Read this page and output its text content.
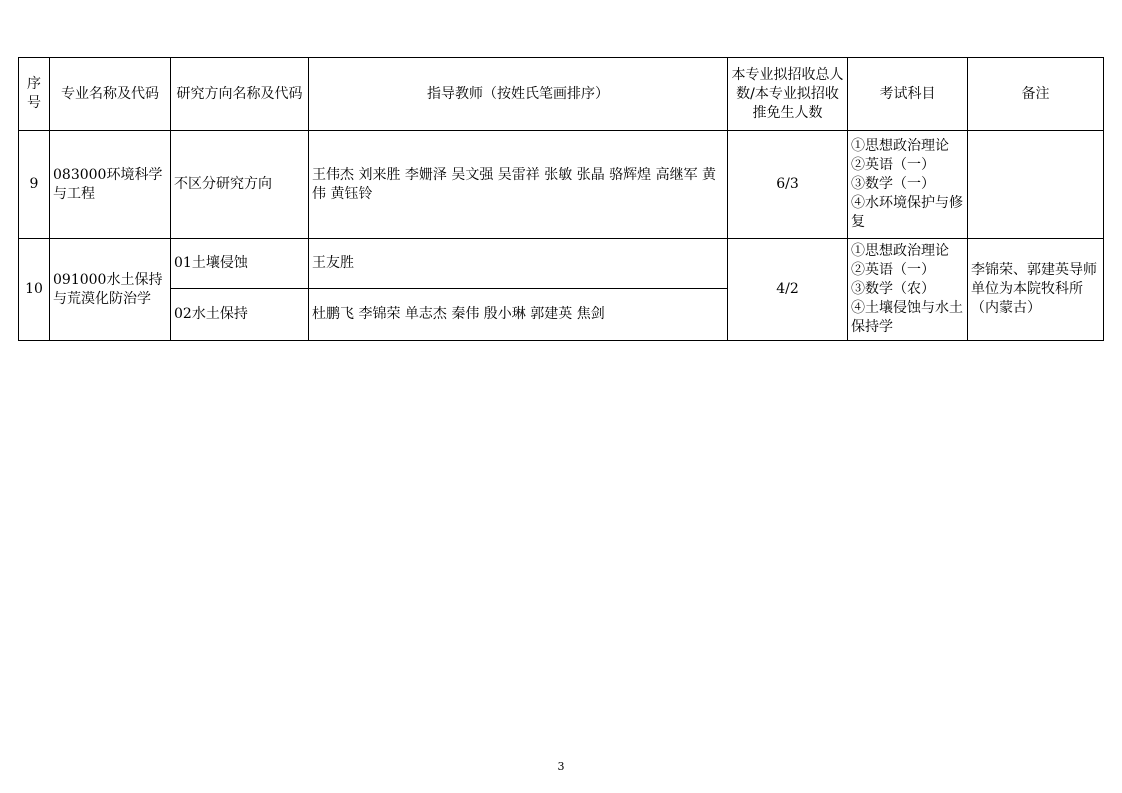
序号	专业名称及代码	研究方向名称及代码	指导教师（按姓氏笔画排序）	本专业拟招收总人数/本专业拟招收推免生人数	考试科目	备注
9	083000环境科学与工程	不区分研究方向	王伟杰 刘来胜 李姗泽 吴文强 吴雷祥 张敏 张晶 骆辉煌 高继军 黄伟 黄钰铃	6/3	①思想政治理论
②英语（一）
③数学（一）
④水环境保护与修复	

10	091000水土保持与荒漠化防治学	01土壤侵蚀	王友胜	4/2	①思想政治理论
②英语（一）
③数学（农）
④土壤侵蚀与水土保持学	李锦荣、郭建英导师单位为本院牧科所（内蒙古）
		02水土保持	杜鹏飞 李锦荣 单志杰 秦伟 殷小琳 郭建英 焦剑			
3
